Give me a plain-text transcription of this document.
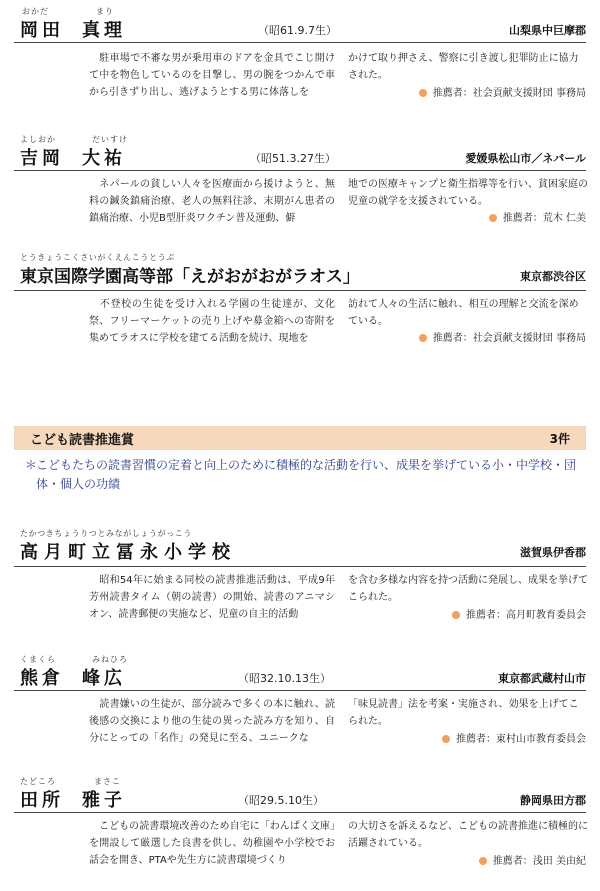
おかだ	まり
岡田 真理	（昭61.9.7生）	山梨県中巨摩郡
　駐車場で不審な男が乗用車のドアを金具でこじ開けて中を物色しているのを目撃し、男の腕をつかんで車から引きずり出し、逃げようとする男に体落しを
かけて取り押さえ、警察に引き渡し犯罪防止に協力された。
推薦者：社会貢献支援財団 事務局
よしおか	だいすけ
吉岡 大祐	（昭51.3.27生）	愛媛県松山市／ネパール
　ネパールの貧しい人々を医療面から援けようと、無料の鍼灸鎮痛治療、老人の無料往診、末期がん患者の鎮痛治療、小児B型肝炎ワクチン普及運動、僻
地での医療キャンプと衛生指導等を行い、貧困家庭の児童の就学を支援されている。
推薦者：荒木 仁美
とうきょうこくさいがくえんこうとうぶ
東京国際学園高等部「えがおがおがラオス」	東京都渋谷区
　不登校の生徒を受け入れる学園の生徒達が、文化祭、フリーマーケットの売り上げや募金箱への寄附を集めてラオスに学校を建てる活動を続け、現地を
訪れて人々の生活に触れ、相互の理解と交流を深めている。
推薦者：社会貢献支援財団 事務局
こども読書推進賞	3件
＊
こどもたちの読書習慣の定着と向上のために積極的な活動を行い、成果を挙げている小・中学校・団体・個人の功績
たかつきちょうりつとみながしょうがっこう
高月町立冨永小学校	滋賀県伊香郡
　昭和54年に始まる同校の読書推進活動は、平成9年芳州読書タイム（朝の読書）の開始、読書のアニマシオン、読書郵便の実施など、児童の自主的活動
を含む多様な内容を持つ活動に発展し、成果を挙げてこられた。
推薦者：高月町教育委員会
くまくら	みねひろ
熊倉 峰広	（昭32.10.13生）	東京都武蔵村山市
　読書嫌いの生徒が、部分読みで多くの本に触れ、読後感の交換により他の生徒の異った読み方を知り、自分にとっての「名作」の発見に至る、ユニークな
「味見読書」法を考案・実施され、効果を上げてこられた。
推薦者：東村山市教育委員会
たどころ	まさこ
田所 雅子	（昭29.5.10生）	静岡県田方郡
　こどもの読書環境改善のため自宅に「わんぱく文庫」を開設して厳選した良書を供し、幼稚園や小学校でお話会を開き、PTAや先生方に読書環境づくり
の大切さを訴えるなど、こどもの読書推進に積極的に活躍されている。
推薦者：浅田 美由紀
